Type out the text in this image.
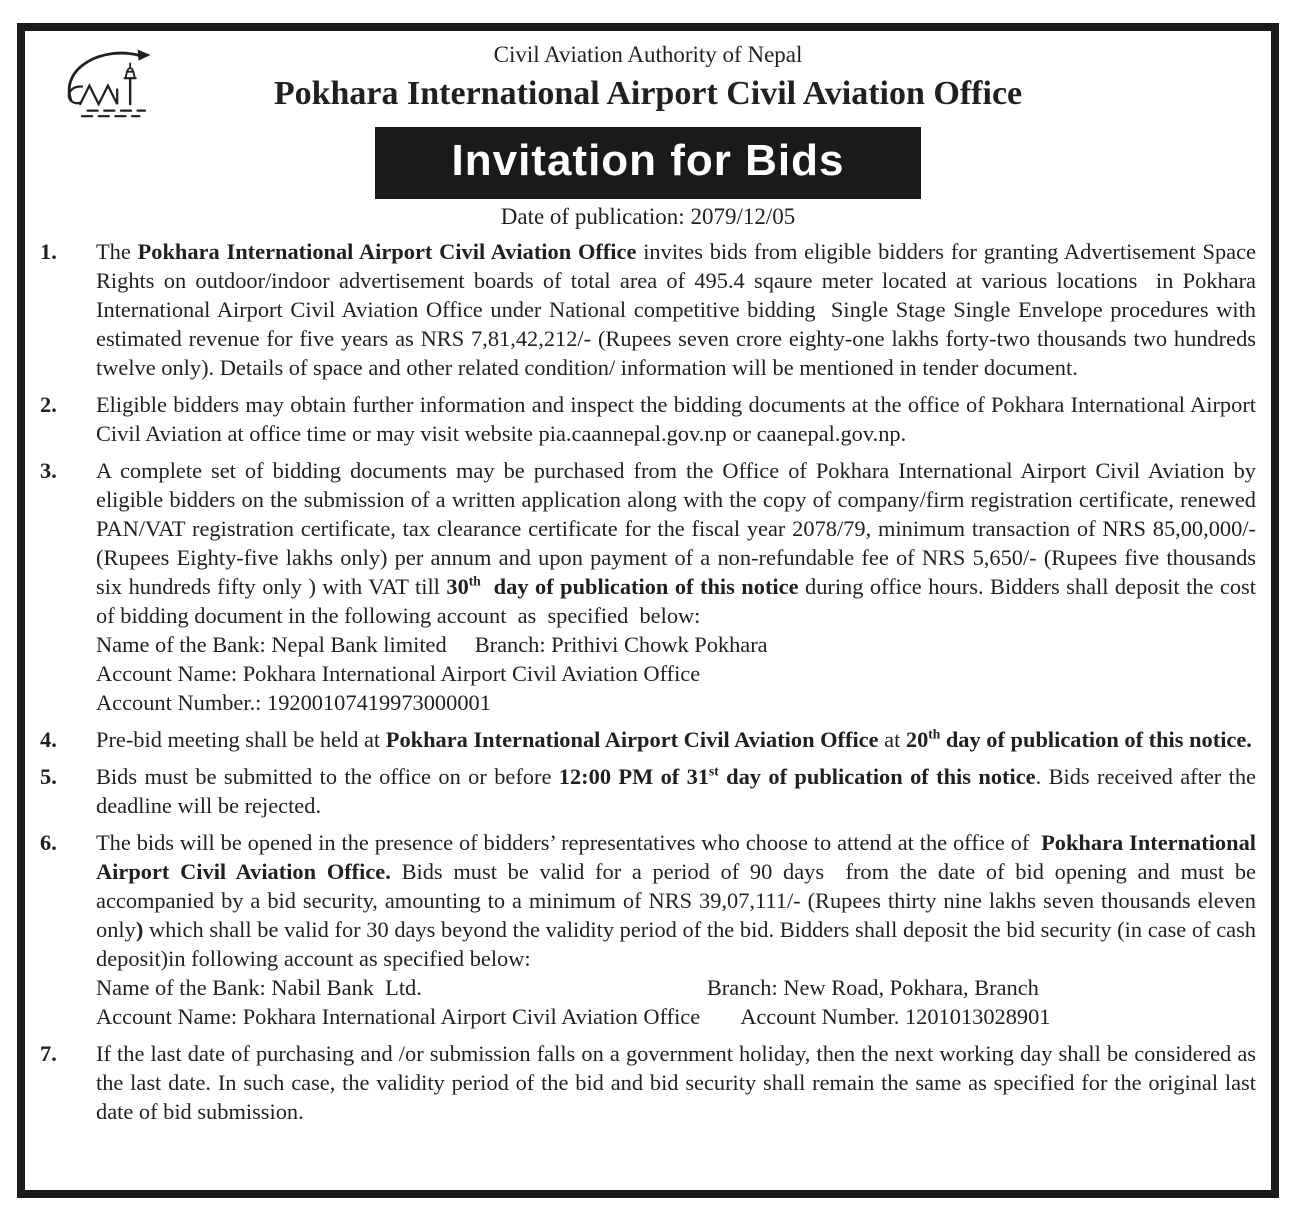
Civil Aviation Authority of Nepal
Pokhara International Airport Civil Aviation Office
Invitation for Bids
Date of publication: 2079/12/05
1.	The Pokhara International Airport Civil Aviation Office invites bids from eligible bidders for granting Advertisement Space Rights on outdoor/indoor advertisement boards of total area of 495.4 sqaure meter located at various locations  in Pokhara International Airport Civil Aviation Office under National competitive bidding  Single Stage Single Envelope procedures with estimated revenue for five years as NRS 7,81,42,212/- (Rupees seven crore eighty-one lakhs forty-two thousands two hundreds twelve only). Details of space and other related condition/ information will be mentioned in tender document.
2.	Eligible bidders may obtain further information and inspect the bidding documents at the office of Pokhara International Airport Civil Aviation at office time or may visit website pia.caannepal.gov.np or caanepal.gov.np.
3.	A complete set of bidding documents may be purchased from the Office of Pokhara International Airport Civil Aviation by eligible bidders on the submission of a written application along with the copy of company/firm registration certificate, renewed PAN/VAT registration certificate, tax clearance certificate for the fiscal year 2078/79, minimum transaction of NRS 85,00,000/- (Rupees Eighty-five lakhs only) per annum and upon payment of a non-refundable fee of NRS 5,650/- (Rupees five thousands six hundreds fifty only ) with VAT till 30th  day of publication of this notice during office hours. Bidders shall deposit the cost of bidding document in the following account  as  specified  below:
Name of the Bank: Nepal Bank limited Branch: Prithivi Chowk Pokhara
Account Name: Pokhara International Airport Civil Aviation Office
Account Number.: 19200107419973000001
4.	Pre-bid meeting shall be held at Pokhara International Airport Civil Aviation Office at 20th day of publication of this notice.
5.	Bids must be submitted to the office on or before 12:00 PM of 31st day of publication of this notice. Bids received after the deadline will be rejected.
6.	The bids will be opened in the presence of bidders’ representatives who choose to attend at the office of  Pokhara International Airport Civil Aviation Office. Bids must be valid for a period of 90 days  from the date of bid opening and must be accompanied by a bid security, amounting to a minimum of NRS 39,07,111/- (Rupees thirty nine lakhs seven thousands eleven only) which shall be valid for 30 days beyond the validity period of the bid. Bidders shall deposit the bid security (in case of cash deposit)in following account as specified below:
Name of the Bank: Nabil Bank  Ltd.	Branch: New Road, Pokhara, Branch
Account Name: Pokhara International Airport Civil Aviation Office Account Number. 1201013028901
7.	If the last date of purchasing and /or submission falls on a government holiday, then the next working day shall be considered as the last date. In such case, the validity period of the bid and bid security shall remain the same as specified for the original last date of bid submission.
